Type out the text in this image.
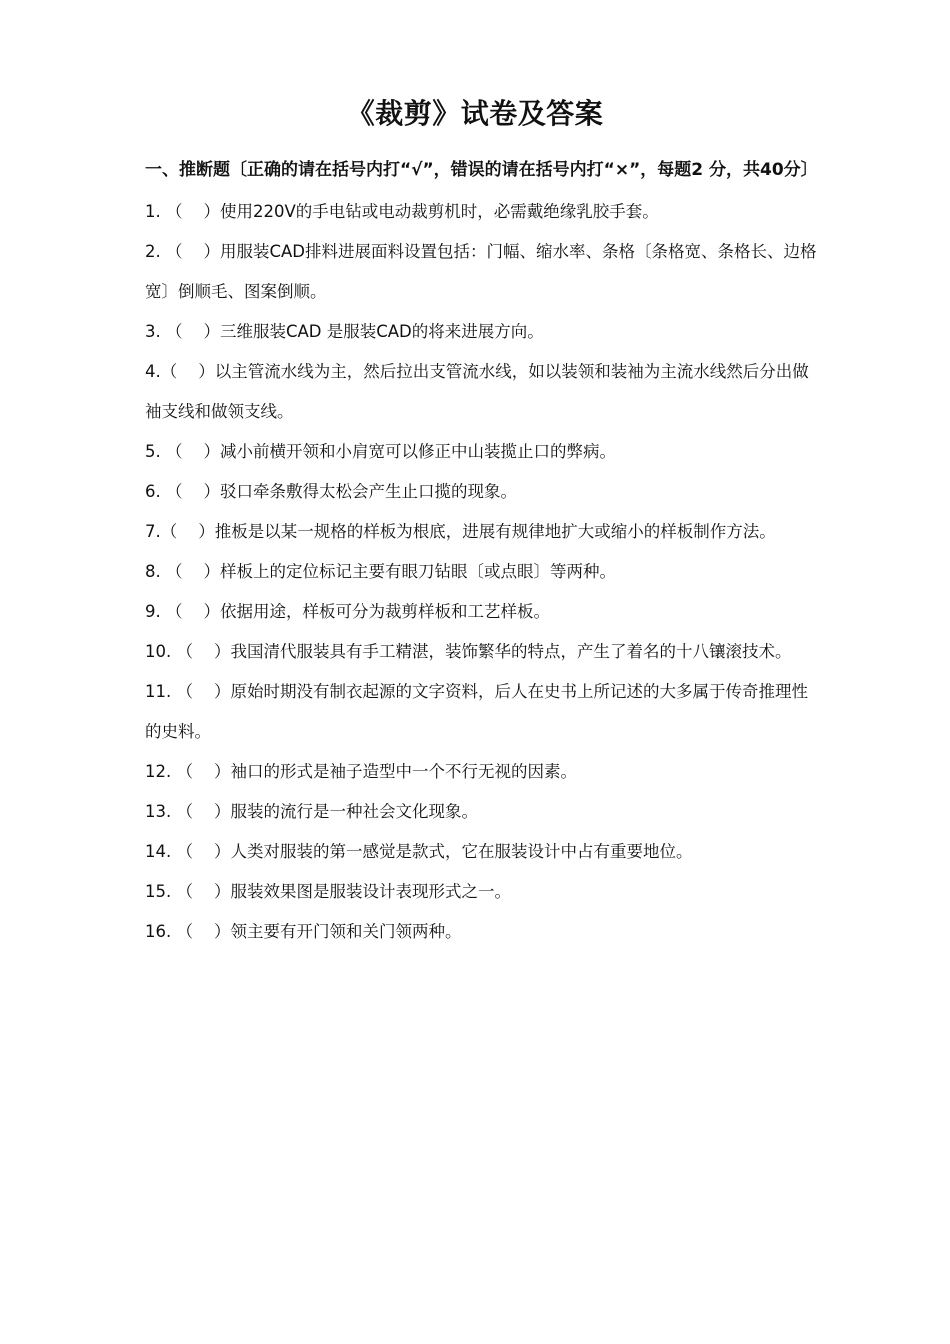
《裁剪》试卷及答案

一、推断题〔正确的请在括号内打“√”，错误的请在括号内打“×”，每题2 分，共40分〕

1. （    ）使用220V的手电钻或电动裁剪机时，必需戴绝缘乳胶手套。

2. （    ）用服装CAD排料进展面料设置包括：门幅、缩水率、条格〔条格宽、条格长、边格宽〕倒顺毛、图案倒顺。

3. （    ）三维服装CAD 是服装CAD的将来进展方向。

4.（    ）以主管流水线为主，然后拉出支管流水线，如以装领和装袖为主流水线然后分出做袖支线和做领支线。

5. （    ）减小前横开领和小肩宽可以修正中山装揽止口的弊病。

6. （    ）驳口牵条敷得太松会产生止口揽的现象。

7.（    ）推板是以某一规格的样板为根底，进展有规律地扩大或缩小的样板制作方法。

8. （    ）样板上的定位标记主要有眼刀钻眼〔或点眼〕等两种。

9. （    ）依据用途，样板可分为裁剪样板和工艺样板。

10. （    ）我国清代服装具有手工精湛，装饰繁华的特点，产生了着名的十八镶滚技术。

11. （    ）原始时期没有制衣起源的文字资料，后人在史书上所记述的大多属于传奇推理性的史料。

12. （    ）袖口的形式是袖子造型中一个不行无视的因素。

13. （    ）服装的流行是一种社会文化现象。

14. （    ）人类对服装的第一感觉是款式，它在服装设计中占有重要地位。

15. （    ）服装效果图是服装设计表现形式之一。

16. （    ）领主要有开门领和关门领两种。
